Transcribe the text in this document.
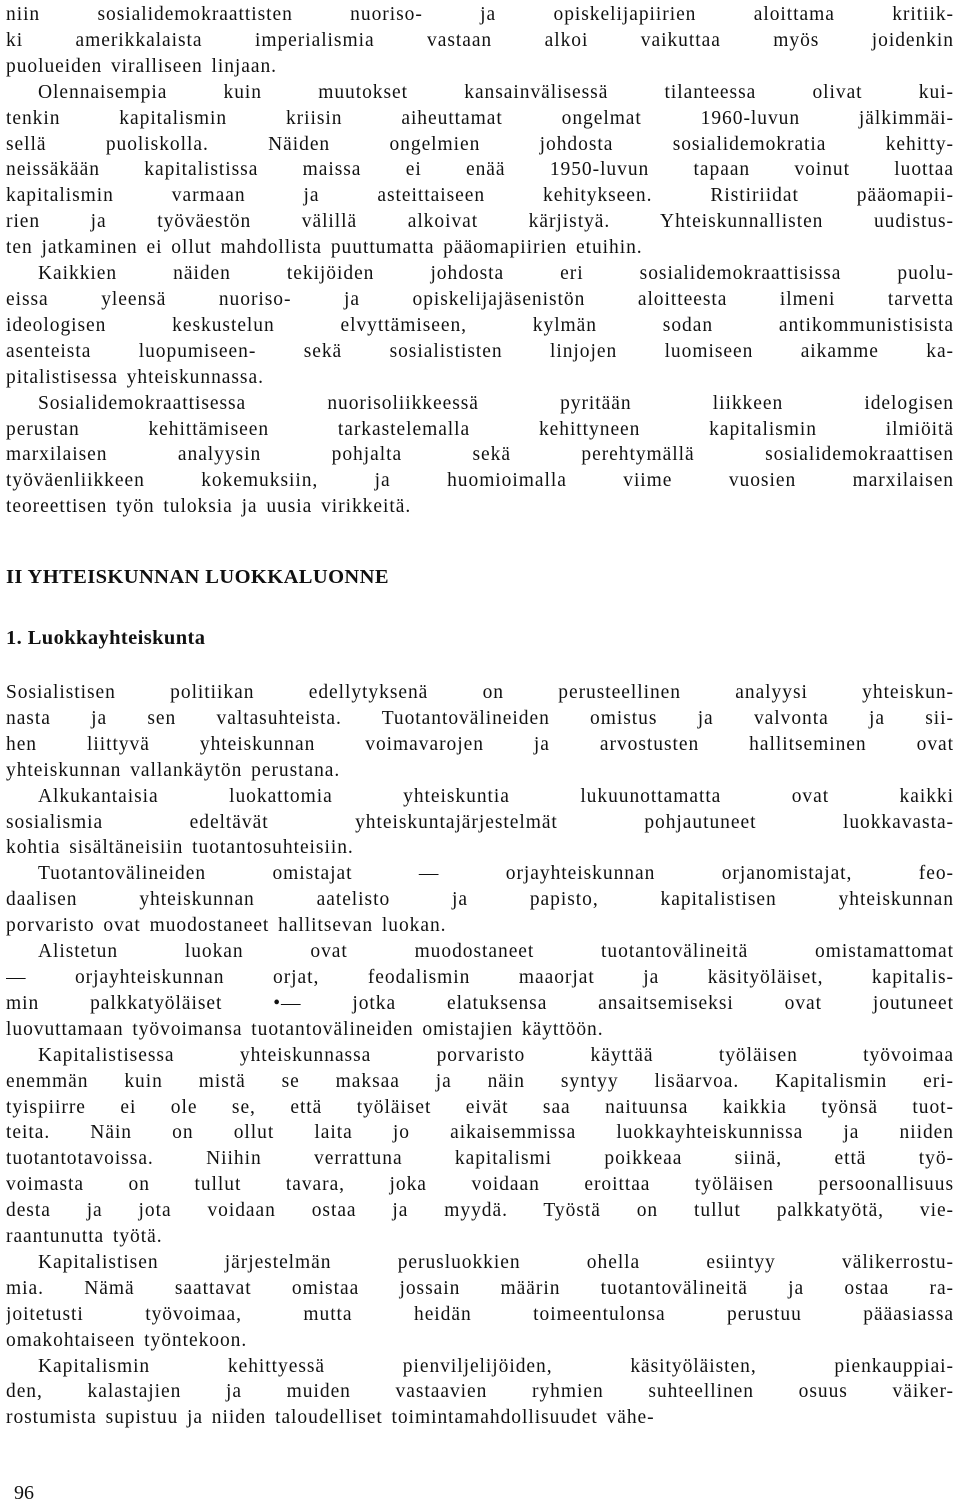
niin sosialidemokraattisten nuoriso- ja opiskelijapiirien aloittama kritiik-
ki amerikkalaista imperialismia vastaan alkoi vaikuttaa myös joidenkin
puolueiden viralliseen linjaan.

Olennaisempia kuin muutokset kansainvälisessä tilanteessa olivat kui-
tenkin kapitalismin kriisin aiheuttamat ongelmat 1960-luvun jälkimmäi-
sellä puoliskolla. Näiden ongelmien johdosta sosialidemokratia kehitty-
neissäkään kapitalistissa maissa ei enää 1950-luvun tapaan voinut luottaa
kapitalismin varmaan ja asteittaiseen kehitykseen. Ristiriidat pääomapii-
rien ja työväestön välillä alkoivat kärjistyä. Yhteiskunnallisten uudistus-
ten jatkaminen ei ollut mahdollista puuttumatta pääomapiirien etuihin.

Kaikkien näiden tekijöiden johdosta eri sosialidemokraattisissa puolu-
eissa yleensä nuoriso- ja opiskelijajäsenistön aloitteesta ilmeni tarvetta
ideologisen keskustelun elvyttämiseen, kylmän sodan antikommunistisista
asenteista luopumiseen- sekä sosialististen linjojen luomiseen aikamme ka-
pitalistisessa yhteiskunnassa.

Sosialidemokraattisessa nuorisoliikkeessä pyritään liikkeen idelogisen
perustan kehittämiseen tarkastelemalla kehittyneen kapitalismin ilmiöitä
marxilaisen analyysin pohjalta sekä perehtymällä sosialidemokraattisen
työväenliikkeen kokemuksiin, ja huomioimalla viime vuosien marxilaisen
teoreettisen työn tuloksia ja uusia virikkeitä.

II YHTEISKUNNAN LUOKKALUONNE
1. Luokkayhteiskunta

Sosialistisen politiikan edellytyksenä on perusteellinen analyysi yhteiskun-
nasta ja sen valtasuhteista. Tuotantovälineiden omistus ja valvonta ja sii-
hen liittyvä yhteiskunnan voimavarojen ja arvostusten hallitseminen ovat
yhteiskunnan vallankäytön perustana.

Alkukantaisia luokattomia yhteiskuntia lukuunottamatta ovat kaikki
sosialismia edeltävät yhteiskuntajärjestelmät pohjautuneet luokkavasta-
kohtia sisältäneisiin tuotantosuhteisiin.

Tuotantovälineiden omistajat — orjayhteiskunnan orjanomistajat, feo-
daalisen yhteiskunnan aatelisto ja papisto, kapitalistisen yhteiskunnan
porvaristo ovat muodostaneet hallitsevan luokan.

Alistetun luokan ovat muodostaneet tuotantovälineitä omistamattomat
— orjayhteiskunnan orjat, feodalismin maaorjat ja käsityöläiset, kapitalis-
min palkkatyöläiset •— jotka elatuksensa ansaitsemiseksi ovat joutuneet
luovuttamaan työvoimansa tuotantovälineiden omistajien käyttöön.

Kapitalistisessa yhteiskunnassa porvaristo käyttää työläisen työvoimaa
enemmän kuin mistä se maksaa ja näin syntyy lisäarvoa. Kapitalismin eri-
tyispiirre ei ole se, että työläiset eivät saa naituunsa kaikkia työnsä tuot-
teita. Näin on ollut laita jo aikaisemmissa luokkayhteiskunnissa ja niiden
tuotantotavoissa. Niihin verrattuna kapitalismi poikkeaa siinä, että työ-
voimasta on tullut tavara, joka voidaan eroittaa työläisen persoonallisuus
desta ja jota voidaan ostaa ja myydä. Työstä on tullut palkkatyötä, vie-
raantunutta työtä.

Kapitalistisen järjestelmän perusluokkien ohella esiintyy välikerrostu-
mia. Nämä saattavat omistaa jossain määrin tuotantovälineitä ja ostaa ra-
joitetusti työvoimaa, mutta heidän toimeentulonsa perustuu pääasiassa
omakohtaiseen työntekoon.

Kapitalismin kehittyessä pienviljelijöiden, käsityöläisten, pienkauppiai-
den, kalastajien ja muiden vastaavien ryhmien suhteellinen osuus väiker-
rostumista supistuu ja niiden taloudelliset toimintamahdollisuudet vähe-

96
